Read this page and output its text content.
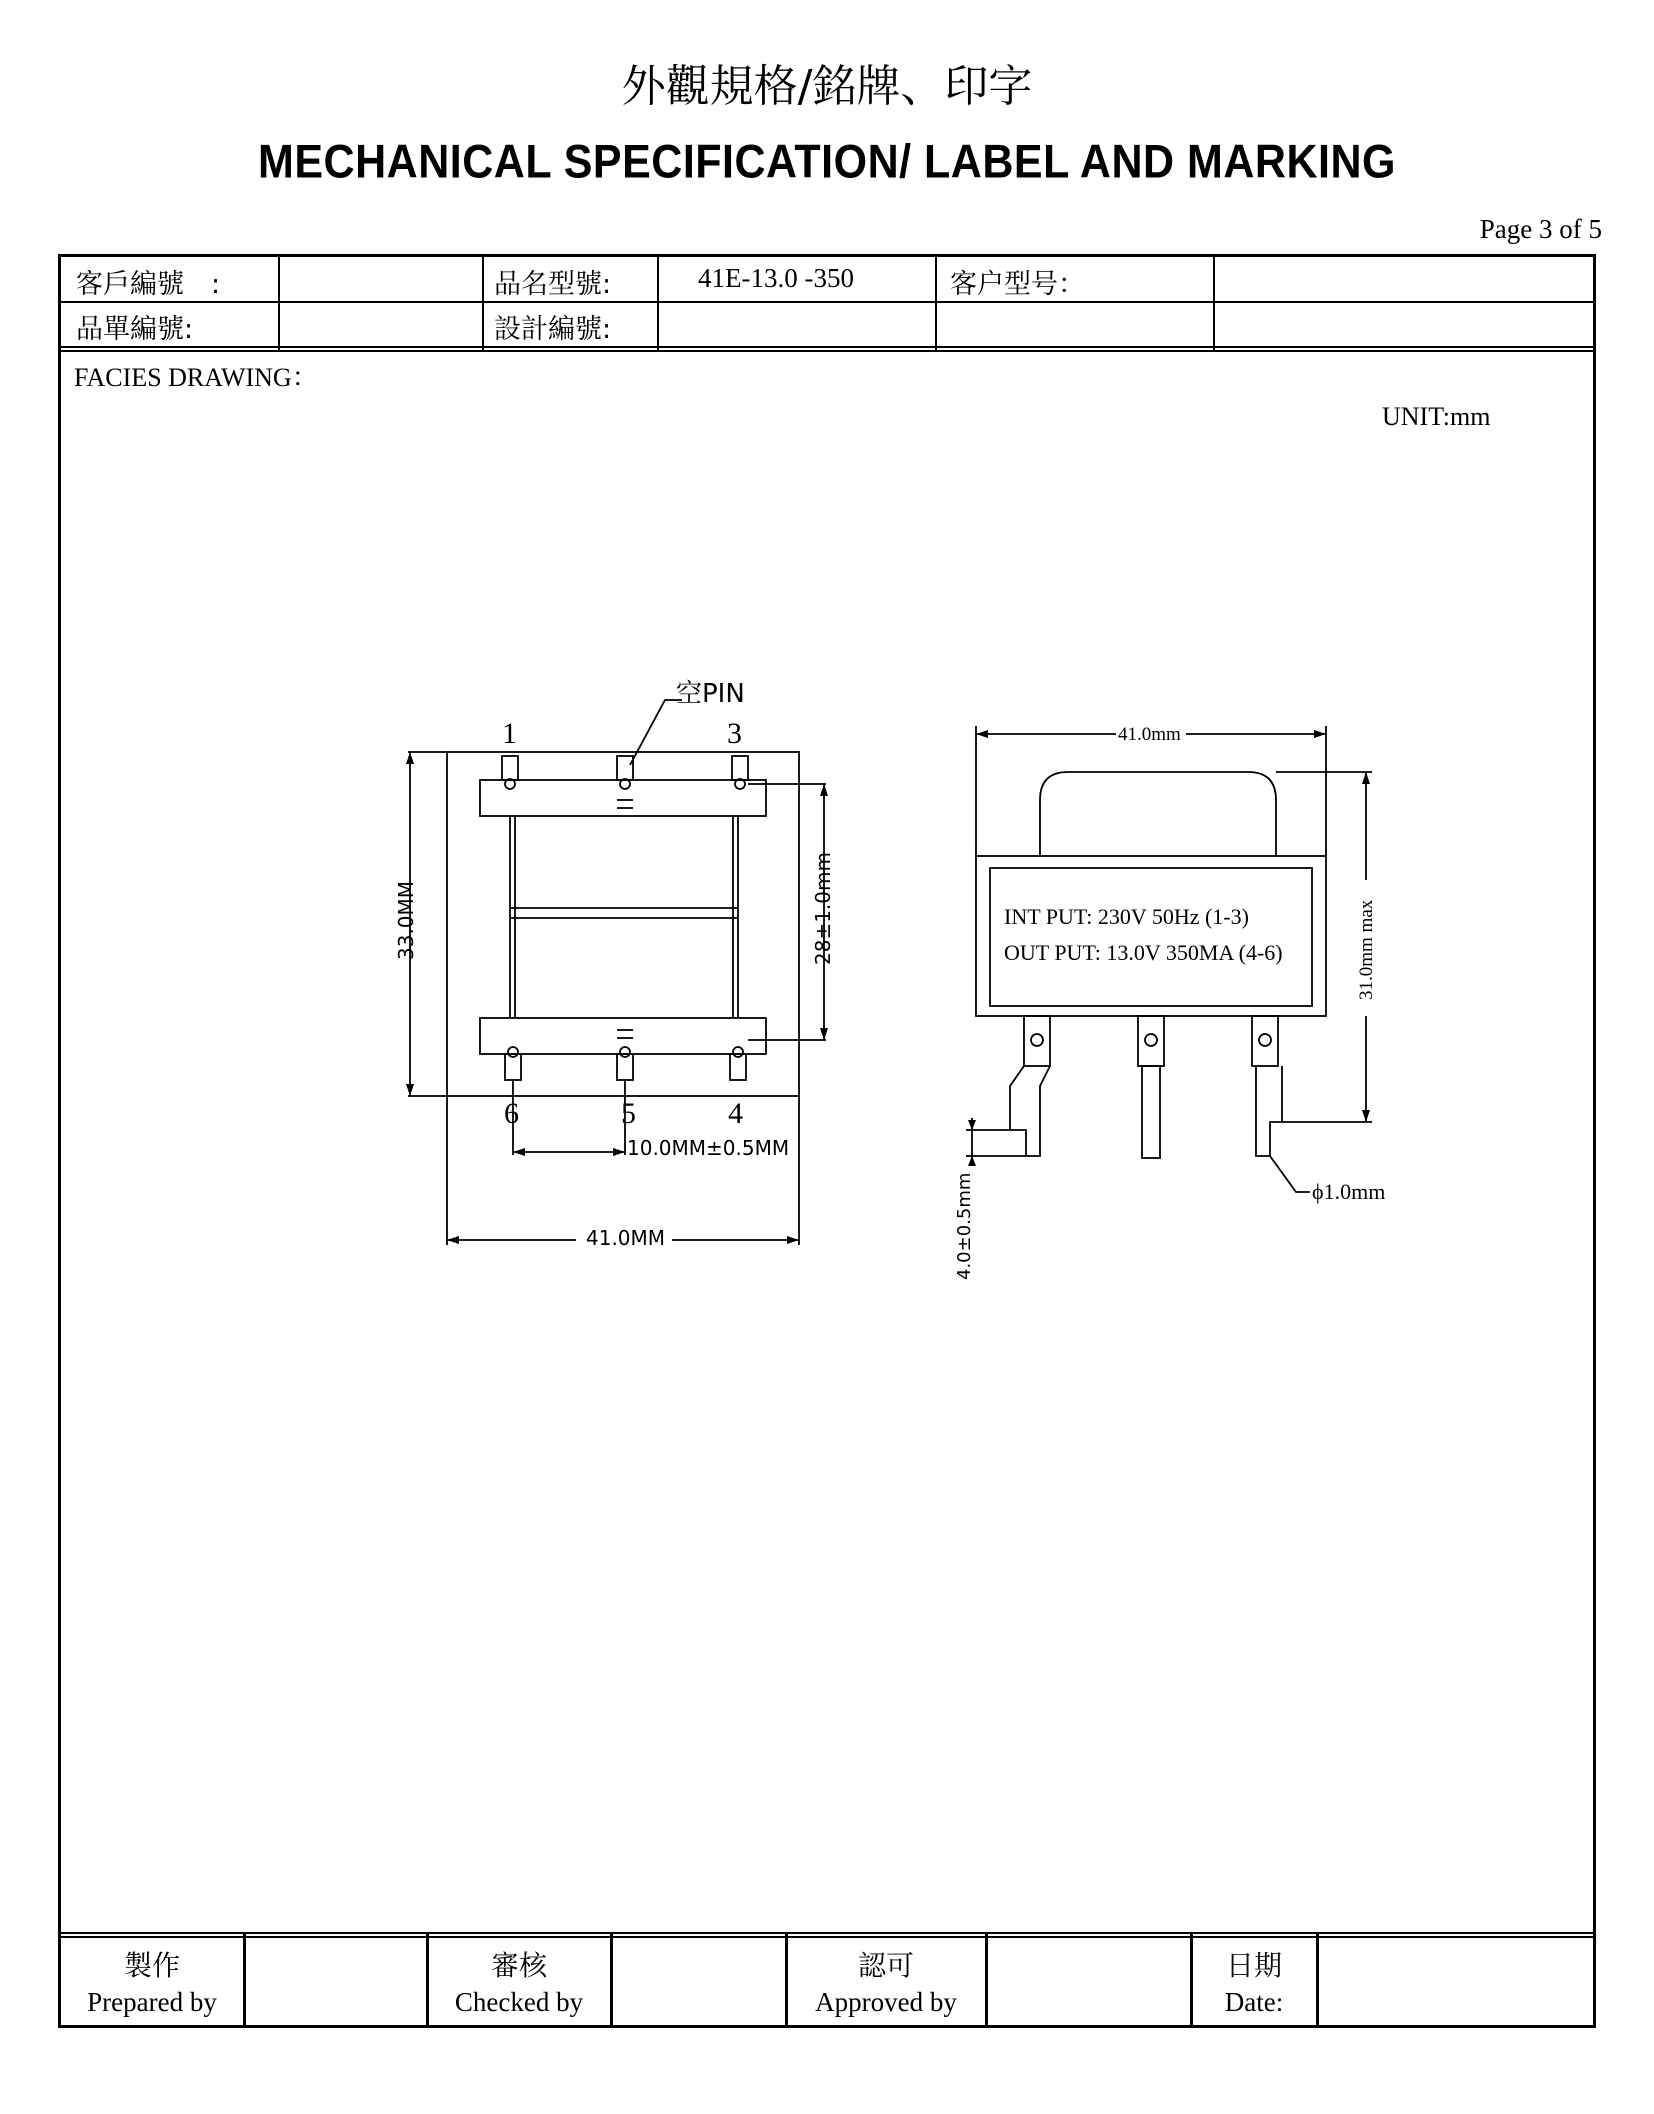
外觀規格/銘牌、印字
MECHANICAL SPECIFICATION/ LABEL AND MARKING
Page 3 of 5
客戶編號　:	品名型號:	41E-13.0 -350	客户型号：
品單編號:	設計編號:
FACIES DRAWING：
UNIT:mm
1	3
6	5	4
空PIN
10.0MM±0.5MM
41.0MM
33.0MM	28±1.0mm
4.0±0.5mm
41.0mm
31.0mm max
ϕ1.0mm
INT PUT: 230V 50Hz (1-3)
OUT PUT: 13.0V 350MA (4-6)
製作
Prepared by
審核
Checked by
認可
Approved by
日期
Date:
